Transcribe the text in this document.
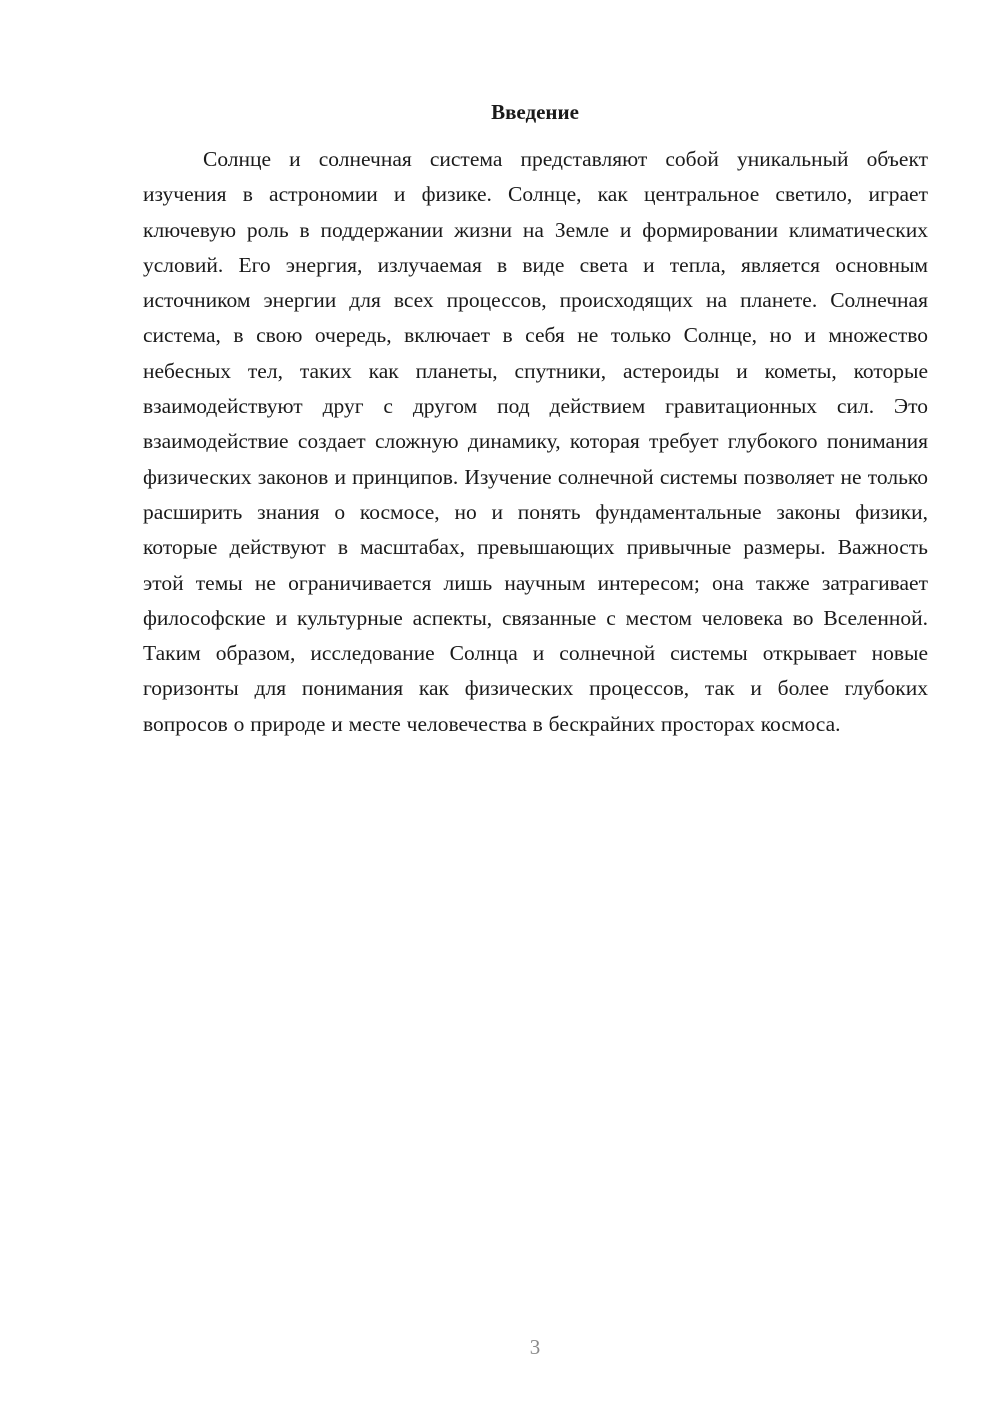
Введение

Солнце и солнечная система представляют собой уникальный объект изучения в астрономии и физике. Солнце, как центральное светило, играет ключевую роль в поддержании жизни на Земле и формировании климатических условий. Его энергия, излучаемая в виде света и тепла, является основным источником энергии для всех процессов, происходящих на планете. Солнечная система, в свою очередь, включает в себя не только Солнце, но и множество небесных тел, таких как планеты, спутники, астероиды и кометы, которые взаимодействуют друг с другом под действием гравитационных сил. Это взаимодействие создает сложную динамику, которая требует глубокого понимания физических законов и принципов. Изучение солнечной системы позволяет не только расширить знания о космосе, но и понять фундаментальные законы физики, которые действуют в масштабах, превышающих привычные размеры. Важность этой темы не ограничивается лишь научным интересом; она также затрагивает философские и культурные аспекты, связанные с местом человека во Вселенной. Таким образом, исследование Солнца и солнечной системы открывает новые горизонты для понимания как физических процессов, так и более глубоких вопросов о природе и месте человечества в бескрайних просторах космоса.

3
